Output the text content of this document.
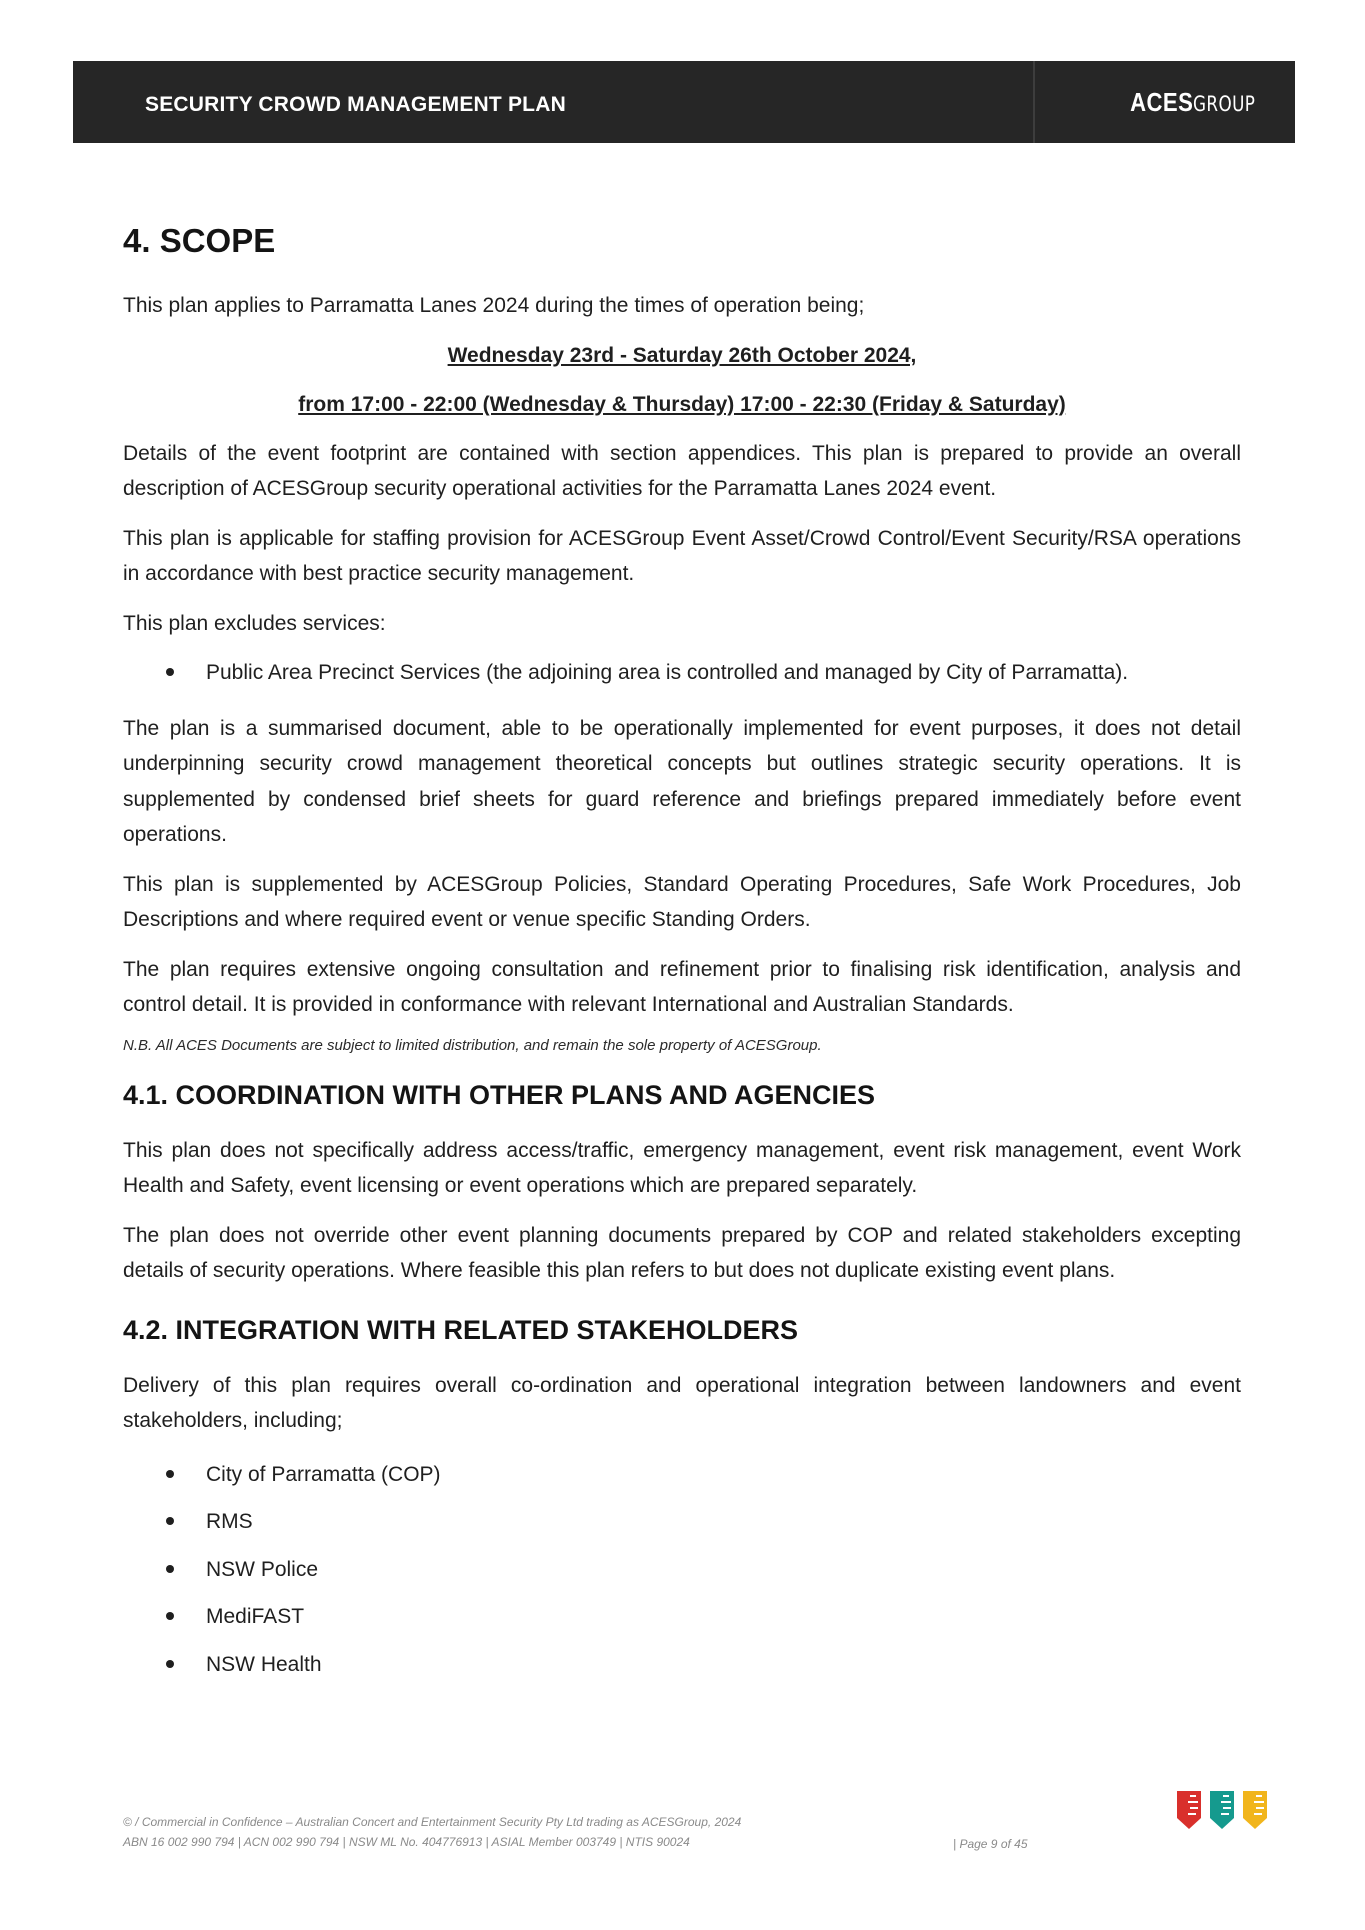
SECURITY CROWD MANAGEMENT PLAN	ACESGROUP
4. SCOPE

This plan applies to Parramatta Lanes 2024 during the times of operation being;

Wednesday 23rd - Saturday 26th October 2024,

from 17:00 - 22:00 (Wednesday & Thursday) 17:00 - 22:30 (Friday & Saturday)

Details of the event footprint are contained with section appendices. This plan is prepared to provide an overall description of ACESGroup security operational activities for the Parramatta Lanes 2024 event.

This plan is applicable for staffing provision for ACESGroup Event Asset/Crowd Control/Event Security/RSA operations in accordance with best practice security management.

This plan excludes services:

Public Area Precinct Services (the adjoining area is controlled and managed by City of Parramatta).

The plan is a summarised document, able to be operationally implemented for event purposes, it does not detail underpinning security crowd management theoretical concepts but outlines strategic security operations. It is supplemented by condensed brief sheets for guard reference and briefings prepared immediately before event operations.

This plan is supplemented by ACESGroup Policies, Standard Operating Procedures, Safe Work Procedures, Job Descriptions and where required event or venue specific Standing Orders.

The plan requires extensive ongoing consultation and refinement prior to finalising risk identification, analysis and control detail. It is provided in conformance with relevant International and Australian Standards.

N.B. All ACES Documents are subject to limited distribution, and remain the sole property of ACESGroup.

4.1. COORDINATION WITH OTHER PLANS AND AGENCIES

This plan does not specifically address access/traffic, emergency management, event risk management, event Work Health and Safety, event licensing or event operations which are prepared separately.

The plan does not override other event planning documents prepared by COP and related stakeholders excepting details of security operations. Where feasible this plan refers to but does not duplicate existing event plans.

4.2. INTEGRATION WITH RELATED STAKEHOLDERS

Delivery of this plan requires overall co-ordination and operational integration between landowners and event stakeholders, including;

City of Parramatta (COP)
RMS
NSW Police
MediFAST
NSW Health
© / Commercial in Confidence – Australian Concert and Entertainment Security Pty Ltd trading as ACESGroup, 2024
ABN 16 002 990 794 | ACN 002 990 794 | NSW ML No. 404776913 | ASIAL Member 003749 | NTIS 90024	| Page 9 of 45
